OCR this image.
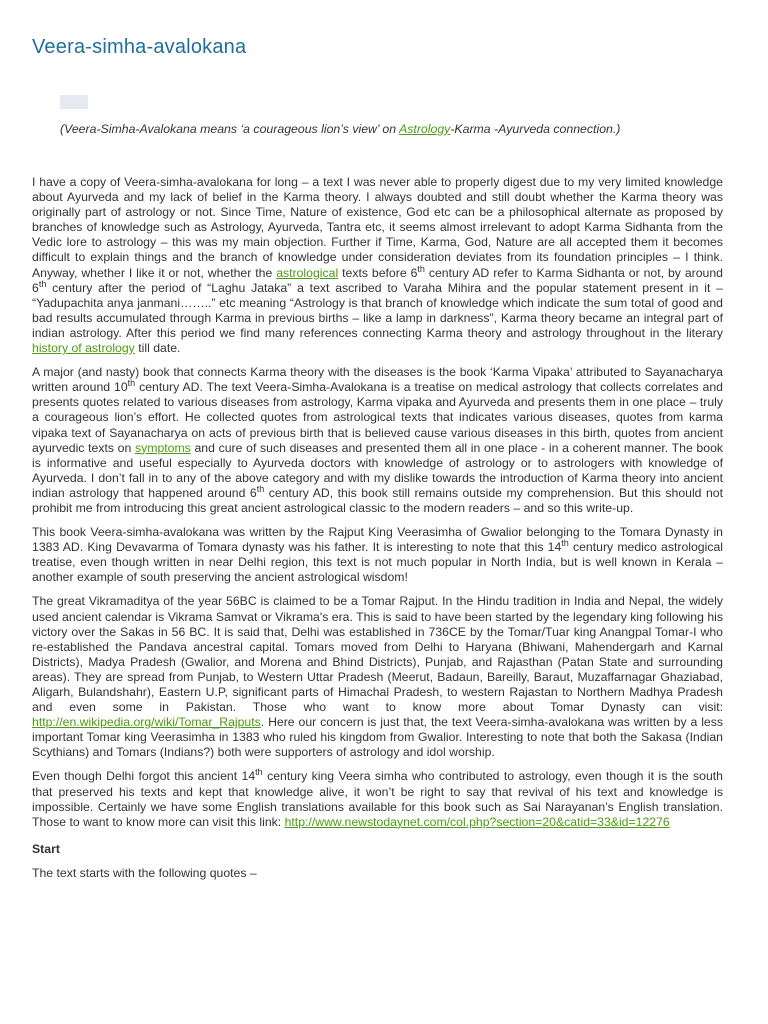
Veera-simha-avalokana

(Veera-Simha-Avalokana means ‘a courageous lion’s view’ on Astrology-Karma -Ayurveda connection.)

I have a copy of Veera-simha-avalokana for long – a text I was never able to properly digest due to my very limited knowledge about Ayurveda and my lack of belief in the Karma theory. I always doubted and still doubt whether the Karma theory was originally part of astrology or not. Since Time, Nature of existence, God etc can be a philosophical alternate as proposed by branches of knowledge such as Astrology, Ayurveda, Tantra etc, it seems almost irrelevant to adopt Karma Sidhanta from the Vedic lore to astrology – this was my main objection. Further if Time, Karma, God, Nature are all accepted them it becomes difficult to explain things and the branch of knowledge under consideration deviates from its foundation principles – I think. Anyway, whether I like it or not, whether the astrological texts before 6th century AD refer to Karma Sidhanta or not, by around 6th century after the period of “Laghu Jataka” a text ascribed to Varaha Mihira and the popular statement present in it – “Yadupachita anya janmani……..” etc meaning “Astrology is that branch of knowledge which indicate the sum total of good and bad results accumulated through Karma in previous births – like a lamp in darkness”, Karma theory became an integral part of indian astrology. After this period we find many references connecting Karma theory and astrology throughout in the literary history of astrology till date.

A major (and nasty) book that connects Karma theory with the diseases is the book ‘Karma Vipaka’ attributed to Sayanacharya written around 10th century AD. The text Veera-Simha-Avalokana is a treatise on medical astrology that collects correlates and presents quotes related to various diseases from astrology, Karma vipaka and Ayurveda and presents them in one place – truly a courageous lion’s effort. He collected quotes from astrological texts that indicates various diseases, quotes from karma vipaka text of Sayanacharya on acts of previous birth that is believed cause various diseases in this birth, quotes from ancient ayurvedic texts on symptoms and cure of such diseases and presented them all in one place - in a coherent manner. The book is informative and useful especially to Ayurveda doctors with knowledge of astrology or to astrologers with knowledge of Ayurveda. I don’t fall in to any of the above category and with my dislike towards the introduction of Karma theory into ancient indian astrology that happened around 6th century AD, this book still remains outside my comprehension. But this should not prohibit me from introducing this great ancient astrological classic to the modern readers – and so this write-up.

This book Veera-simha-avalokana was written by the Rajput King Veerasimha of Gwalior belonging to the Tomara Dynasty in 1383 AD. King Devavarma of Tomara dynasty was his father. It is interesting to note that this 14th century medico astrological treatise, even though written in near Delhi region, this text is not much popular in North India, but is well known in Kerala – another example of south preserving the ancient astrological wisdom!

The great Vikramaditya of the year 56BC is claimed to be a Tomar Rajput. In the Hindu tradition in India and Nepal, the widely used ancient calendar is Vikrama Samvat or Vikrama's era. This is said to have been started by the legendary king following his victory over the Sakas in 56 BC. It is said that, Delhi was established in 736CE by the Tomar/Tuar king Anangpal Tomar-I who re-established the Pandava ancestral capital. Tomars moved from Delhi to Haryana (Bhiwani, Mahendergarh and Karnal Districts), Madya Pradesh (Gwalior, and Morena and Bhind Districts), Punjab, and Rajasthan (Patan State and surrounding areas). They are spread from Punjab, to Western Uttar Pradesh (Meerut, Badaun, Bareilly, Baraut, Muzaffarnagar Ghaziabad, Aligarh, Bulandshahr), Eastern U.P, significant parts of Himachal Pradesh, to western Rajastan to Northern Madhya Pradesh and even some in Pakistan. Those who want to know more about Tomar Dynasty can visit: http://en.wikipedia.org/wiki/Tomar_Rajputs. Here our concern is just that, the text Veera-simha-avalokana was written by a less important Tomar king Veerasimha in 1383 who ruled his kingdom from Gwalior. Interesting to note that both the Sakasa (Indian Scythians) and Tomars (Indians?) both were supporters of astrology and idol worship.

Even though Delhi forgot this ancient 14th century king Veera simha who contributed to astrology, even though it is the south that preserved his texts and kept that knowledge alive, it won’t be right to say that revival of his text and knowledge is impossible. Certainly we have some English translations available for this book such as Sai Narayanan’s English translation. Those to want to know more can visit this link: http://www.newstodaynet.com/col.php?section=20&catid=33&id=12276

Start

The text starts with the following quotes –
